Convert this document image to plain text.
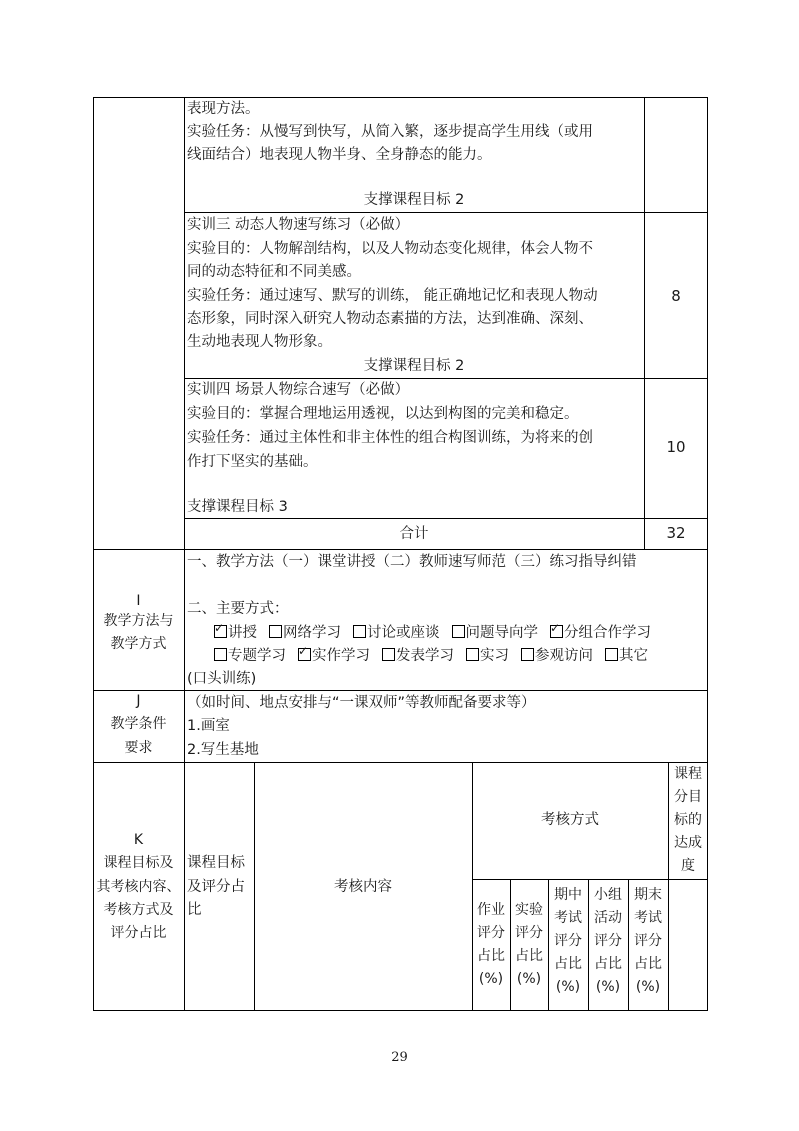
表现方法。
实验任务：从慢写到快写，从简入繁，逐步提高学生用线（或用
线面结合）地表现人物半身、全身静态的能力。
支撑课程目标 2
实训三 动态人物速写练习（必做）
实验目的：人物解剖结构，以及人物动态变化规律，体会人物不
同的动态特征和不同美感。
实验任务：通过速写、默写的训练， 能正确地记忆和表现人物动
态形象，同时深入研究人物动态素描的方法，达到准确、深刻、
生动地表现人物形象。
支撑课程目标 2
8
实训四 场景人物综合速写（必做）
实验目的：掌握合理地运用透视，以达到构图的完美和稳定。
实验任务：通过主体性和非主体性的组合构图训练，为将来的创
作打下坚实的基础。
支撑课程目标 3
10
合计	32
I
教学方法与
教学方式
一、教学方法（一）课堂讲授（二）教师速写师范（三）练习指导纠错
二、主要方式：
✓讲授 网络学习 讨论或座谈 问题导向学 ✓ 分组合作学习
专题学习 ✓ 实作学习 发表学习 实习 参观访问 其它
(口头训练)
J
教学条件
要求
（如时间、地点安排与“一课双师”等教师配备要求等）
1.画室
2.写生基地
K
课程目标及
其考核内容、
考核方式及
评分占比
课程目标
及评分占
比
考核内容
考核方式
课程
分目
标的
达成
度
作业
评分
占比
(%)
实验
评分
占比
(%)
期中
考试
评分
占比
(%)
小组
活动
评分
占比
(%)
期末
考试
评分
占比
(%)
29
